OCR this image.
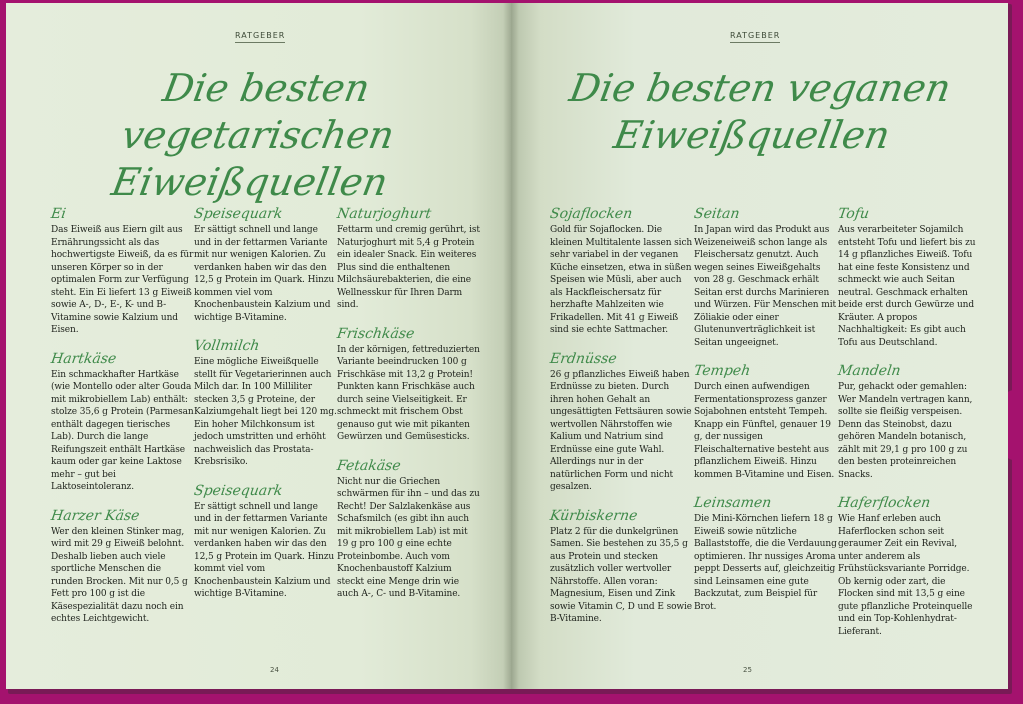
RATGEBER
Die besten vegetarischen
Eiweißquellen
Ei

Das Eiweiß aus Eiern gilt aus Ernährungssicht als das hochwertigste Eiweiß, da es für unseren Körper so in der optimalen Form zur Verfügung steht. Ein Ei liefert 13 g Eiweiß sowie A-, D-, E-, K- und B-Vitamine sowie Kalzium und Eisen.

Hartkäse

Ein schmackhafter Hartkäse (wie Montello oder alter Gouda mit mikrobiellem Lab) enthält: stolze 35,6 g Protein (Parmesan enthält dagegen tierisches Lab). Durch die lange Reifungszeit enthält Hartkäse kaum oder gar keine Laktose mehr – gut bei Laktoseintoleranz.

Harzer Käse

Wer den kleinen Stinker mag, wird mit 29 g Eiweiß belohnt. Deshalb lieben auch viele sportliche Menschen die runden Brocken. Mit nur 0,5 g Fett pro 100 g ist die Käsespezialität dazu noch ein echtes Leichtgewicht.

Speisequark

Er sättigt schnell und lange und in der fettarmen Variante mit nur wenigen Kalorien. Zu verdanken haben wir das den 12,5 g Protein im Quark. Hinzu kommen viel vom Knochenbaustein Kalzium und wichtige B-Vitamine.

Vollmilch

Eine mögliche Eiweißquelle stellt für Vegetarierinnen auch Milch dar. In 100 Milliliter stecken 3,5 g Proteine, der Kalziumgehalt liegt bei 120 mg. Ein hoher Milchkonsum ist jedoch umstritten und erhöht nachweislich das Prostata-Krebsrisiko.

Speisequark

Er sättigt schnell und lange und in der fettarmen Variante mit nur wenigen Kalorien. Zu verdanken haben wir das den 12,5 g Protein im Quark. Hinzu kommt viel vom Knochenbaustein Kalzium und wichtige B-Vitamine.

Naturjoghurt

Fettarm und cremig gerührt, ist Naturjoghurt mit 5,4 g Protein ein idealer Snack. Ein weiteres Plus sind die enthaltenen Milchsäurebakterien, die eine Wellnesskur für Ihren Darm sind.

Frischkäse

In der körnigen, fettreduzierten Variante beeindrucken 100 g Frischkäse mit 13,2 g Protein! Punkten kann Frischkäse auch durch seine Vielseitigkeit. Er schmeckt mit frischem Obst genauso gut wie mit pikanten Gewürzen und Gemüsesticks.

Fetakäse

Nicht nur die Griechen schwärmen für ihn – und das zu Recht! Der Salzlakenkäse aus Schafsmilch (es gibt ihn auch mit mikrobiellem Lab) ist mit 19 g pro 100 g eine echte Proteinbombe. Auch vom Knochenbaustoff Kalzium steckt eine Menge drin wie auch A-, C- und B-Vitamine.

24
RATGEBER
Die besten veganen
Eiweißquellen
Sojaflocken

Gold für Sojaflocken. Die kleinen Multitalente lassen sich sehr variabel in der veganen Küche einsetzen, etwa in süßen Speisen wie Müsli, aber auch als Hackfleischersatz für herzhafte Mahlzeiten wie Frikadellen. Mit 41 g Eiweiß sind sie echte Sattmacher.

Erdnüsse

26 g pflanzliches Eiweiß haben Erdnüsse zu bieten. Durch ihren hohen Gehalt an ungesättigten Fettsäuren sowie wertvollen Nährstoffen wie Kalium und Natrium sind Erdnüsse eine gute Wahl. Allerdings nur in der natürlichen Form und nicht gesalzen.

Kürbiskerne

Platz 2 für die dunkelgrünen Samen. Sie bestehen zu 35,5 g aus Protein und stecken zusätzlich voller wertvoller Nährstoffe. Allen voran: Magnesium, Eisen und Zink sowie Vitamin C, D und E sowie B-Vitamine.

Seitan

In Japan wird das Produkt aus Weizeneiweiß schon lange als Fleischersatz genutzt. Auch wegen seines Eiweißgehalts von 28 g. Geschmack erhält Seitan erst durchs Marinieren und Würzen. Für Menschen mit Zöliakie oder einer Glutenunverträglichkeit ist Seitan ungeeignet.

Tempeh

Durch einen aufwendigen Fermentationsprozess ganzer Sojabohnen entsteht Tempeh. Knapp ein Fünftel, genauer 19 g, der nussigen Fleischalternative besteht aus pflanzlichem Eiweiß. Hinzu kommen B-Vitamine und Eisen.

Leinsamen

Die Mini-Körnchen liefern 18 g Eiweiß sowie nützliche Ballaststoffe, die die Verdauung optimieren. Ihr nussiges Aroma peppt Desserts auf, gleichzeitig sind Leinsamen eine gute Backzutat, zum Beispiel für Brot.

Tofu

Aus verarbeiteter Sojamilch entsteht Tofu und liefert bis zu 14 g pflanzliches Eiweiß. Tofu hat eine feste Konsistenz und schmeckt wie auch Seitan neutral. Geschmack erhalten beide erst durch Gewürze und Kräuter. A propos Nachhaltigkeit: Es gibt auch Tofu aus Deutschland.

Mandeln

Pur, gehackt oder gemahlen: Wer Mandeln vertragen kann, sollte sie fleißig verspeisen. Denn das Steinobst, dazu gehören Mandeln botanisch, zählt mit 29,1 g pro 100 g zu den besten proteinreichen Snacks.

Haferflocken

Wie Hanf erleben auch Haferflocken schon seit geraumer Zeit ein Revival, unter anderem als Frühstücksvariante Porridge. Ob kernig oder zart, die Flocken sind mit 13,5 g eine gute pflanzliche Proteinquelle und ein Top-Kohlenhydrat-Lieferant.

25
